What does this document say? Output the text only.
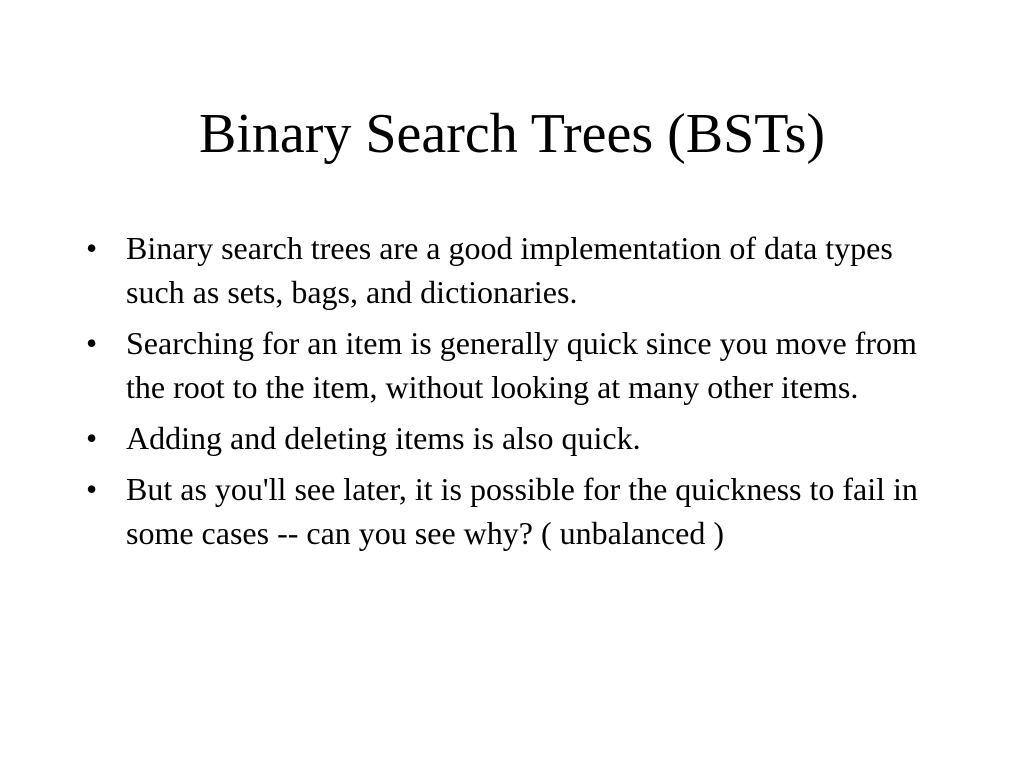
Binary Search Trees (BSTs)
• Binary search trees are a good implementation of data types such as sets, bags, and dictionaries.
• Searching for an item is generally quick since you move from the root to the item, without looking at many other items.
• Adding and deleting items is also quick.
• But as you'll see later, it is possible for the quickness to fail in some cases -- can you see why? ( unbalanced )
